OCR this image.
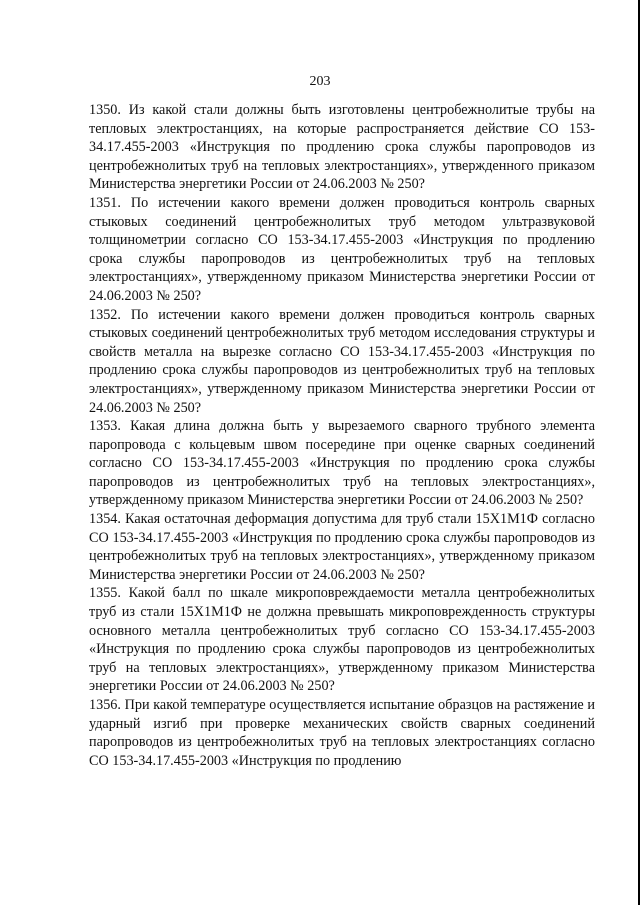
203

1350. Из какой стали должны быть изготовлены центробежнолитые трубы на тепловых электростанциях, на которые распространяется действие СО 153-34.17.455-2003 «Инструкция по продлению срока службы паропроводов из центробежнолитых труб на тепловых электростанциях», утвержденного приказом Министерства энергетики России от 24.06.2003 № 250?

1351. По истечении какого времени должен проводиться контроль сварных стыковых соединений центробежнолитых труб методом ультразвуковой толщинометрии согласно СО 153-34.17.455-2003 «Инструкция по продлению срока службы паропроводов из центробежнолитых труб на тепловых электростанциях», утвержденному приказом Министерства энергетики России от 24.06.2003 № 250?

1352. По истечении какого времени должен проводиться контроль сварных стыковых соединений центробежнолитых труб методом исследования структуры и свойств металла на вырезке согласно СО 153-34.17.455-2003 «Инструкция по продлению срока службы паропроводов из центробежнолитых труб на тепловых электростанциях», утвержденному приказом Министерства энергетики России от 24.06.2003 № 250?

1353. Какая длина должна быть у вырезаемого сварного трубного элемента паропровода с кольцевым швом посередине при оценке сварных соединений согласно СО 153-34.17.455-2003 «Инструкция по продлению срока службы паропроводов из центробежнолитых труб на тепловых электростанциях», утвержденному приказом Министерства энергетики России от 24.06.2003 № 250?

1354. Какая остаточная деформация допустима для труб стали 15Х1М1Ф согласно СО 153-34.17.455-2003 «Инструкция по продлению срока службы паропроводов из центробежнолитых труб на тепловых электростанциях», утвержденному приказом Министерства энергетики России от 24.06.2003 № 250?

1355. Какой балл по шкале микроповреждаемости металла центробежнолитых труб из стали 15Х1М1Ф не должна превышать микроповрежденность структуры основного металла центробежнолитых труб согласно СО 153-34.17.455-2003 «Инструкция по продлению срока службы паропроводов из центробежнолитых труб на тепловых электростанциях», утвержденному приказом Министерства энергетики России от 24.06.2003 № 250?

1356. При какой температуре осуществляется испытание образцов на растяжение и ударный изгиб при проверке механических свойств сварных соединений паропроводов из центробежнолитых труб на тепловых электростанциях согласно СО 153-34.17.455-2003 «Инструкция по продлению
